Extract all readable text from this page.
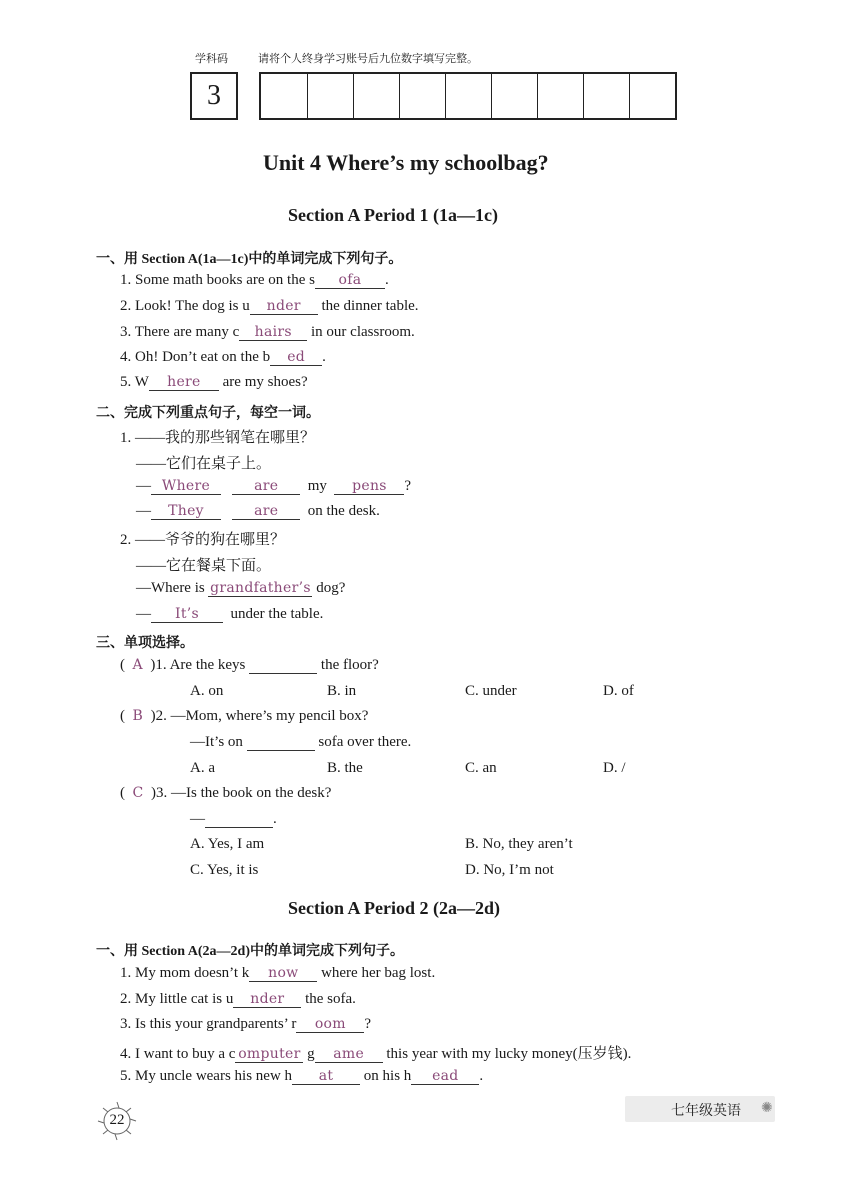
学科码	请将个人终身学习账号后九位数字填写完整。
3
Unit 4 Where’s my schoolbag?
Section A Period 1 (1a—1c)
一、用 Section A(1a—1c)中的单词完成下列句子。
1. Some math books are on the s ofa .
2. Look! The dog is u nder the dinner table.
3. There are many c hairs in our classroom.
4. Oh! Don’t eat on the b ed .
5. W here are my shoes?
二、完成下列重点句子，每空一词。
1. ——我的那些钢笔在哪里？
——它们在桌子上。
— Where	are my pens ?
— They	are on the desk.
2. ——爷爷的狗在哪里？
——它在餐桌下面。
—Where is grandfather’s dog?
— It’s under the table.
三、单项选择。
(  A )1. Are the keys	the floor?
A. on	B. in	C. under	D. of
(  B )2. —Mom, where’s my pencil box?
—It’s on	sofa over there.
A. a	B. the	C. an	D. /
(  C )3. —Is the book on the desk?
—	.
A. Yes, I am	B. No, they aren’t
C. Yes, it is	D. No, I’m not
Section A Period 2 (2a—2d)
一、用 Section A(2a—2d)中的单词完成下列句子。
1. My mom doesn’t k now where her bag lost.
2. My little cat is u nder the sofa.
3. Is this your grandparents’ r oom ?
4. I want to buy a c omputer g ame this year with my lucky money(压岁钱).
5. My uncle wears his new h at on his h ead .
22
七年级英语 ✺
